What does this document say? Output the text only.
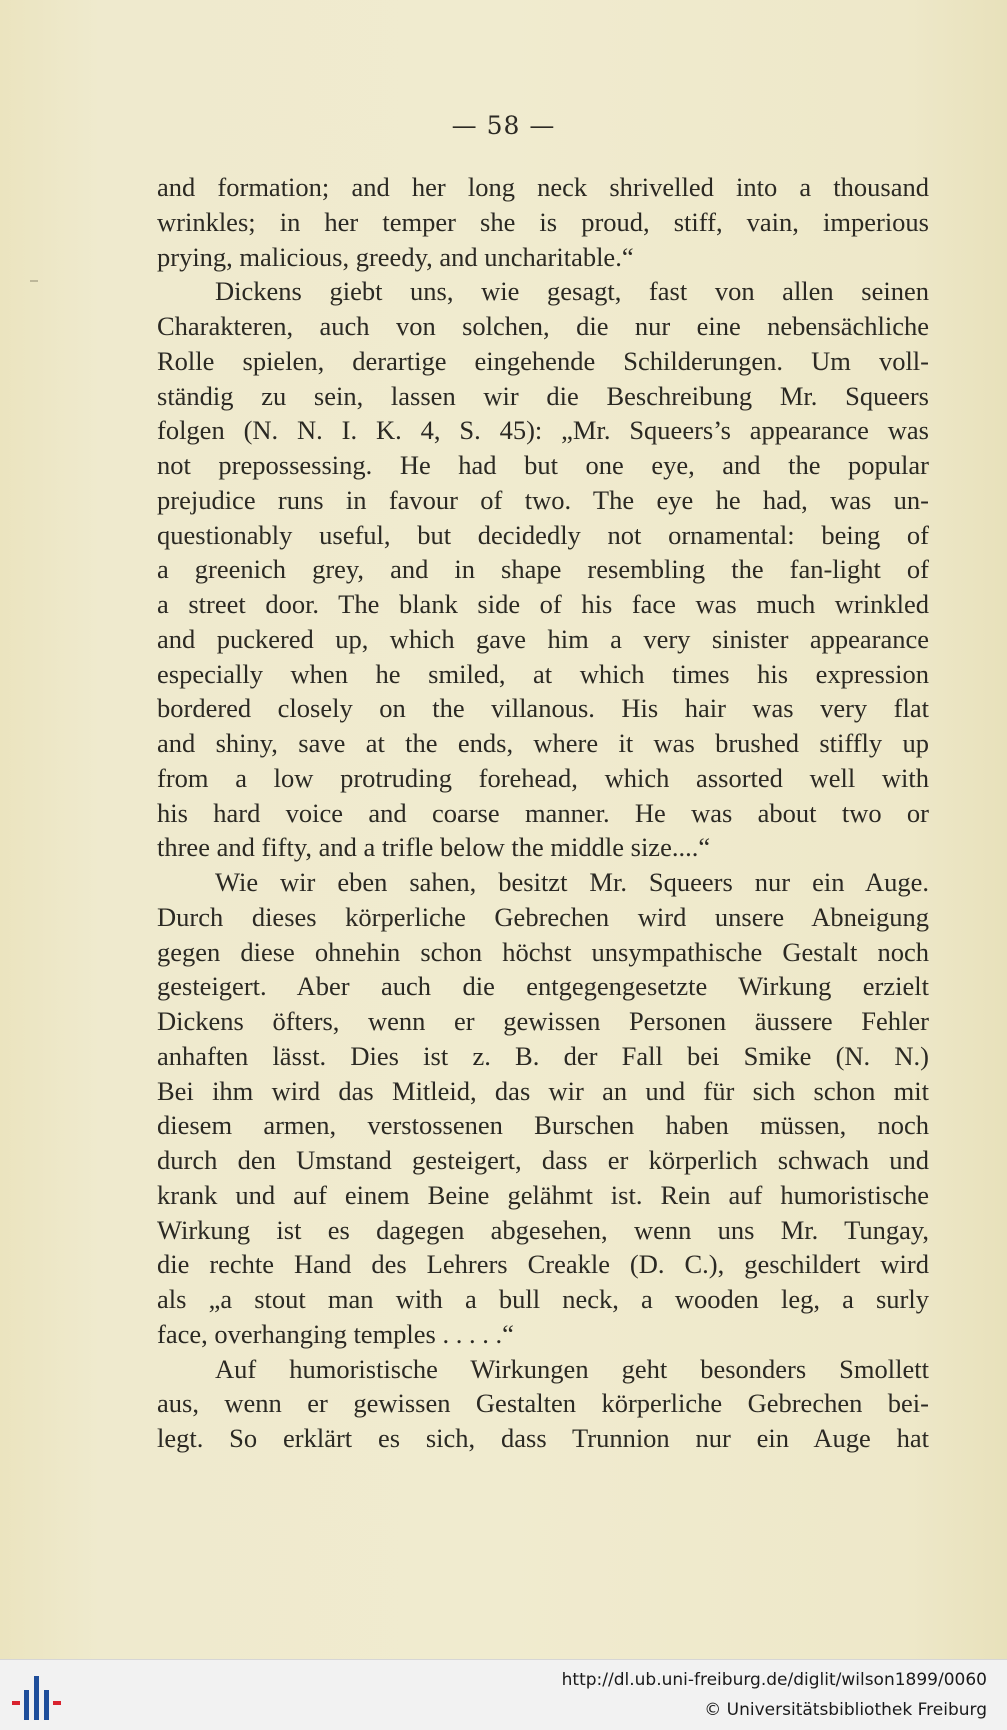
— 58 —
and formation; and her long neck shrivelled into a thousand
wrinkles; in her temper she is proud, stiff, vain, imperious
prying, malicious, greedy, and uncharitable.“
Dickens giebt uns, wie gesagt, fast von allen seinen
Charakteren, auch von solchen, die nur eine nebensächliche
Rolle spielen, derartige eingehende Schilderungen. Um voll-
ständig zu sein, lassen wir die Beschreibung Mr. Squeers
folgen (N. N. I. K. 4, S. 45): „Mr. Squeers’s appearance was
not prepossessing. He had but one eye, and the popular
prejudice runs in favour of two. The eye he had, was un-
questionably useful, but decidedly not ornamental: being of
a greenich grey, and in shape resembling the fan-light of
a street door. The blank side of his face was much wrinkled
and puckered up, which gave him a very sinister appearance
especially when he smiled, at which times his expression
bordered closely on the villanous. His hair was very flat
and shiny, save at the ends, where it was brushed stiffly up
from a low protruding forehead, which assorted well with
his hard voice and coarse manner. He was about two or
three and fifty, and a trifle below the middle size....“
Wie wir eben sahen, besitzt Mr. Squeers nur ein Auge.
Durch dieses körperliche Gebrechen wird unsere Abneigung
gegen diese ohnehin schon höchst unsympathische Gestalt noch
gesteigert. Aber auch die entgegengesetzte Wirkung erzielt
Dickens öfters, wenn er gewissen Personen äussere Fehler
anhaften lässt. Dies ist z. B. der Fall bei Smike (N. N.)
Bei ihm wird das Mitleid, das wir an und für sich schon mit
diesem armen, verstossenen Burschen haben müssen, noch
durch den Umstand gesteigert, dass er körperlich schwach und
krank und auf einem Beine gelähmt ist. Rein auf humoristische
Wirkung ist es dagegen abgesehen, wenn uns Mr. Tungay,
die rechte Hand des Lehrers Creakle (D. C.), geschildert wird
als „a stout man with a bull neck, a wooden leg, a surly
face, overhanging temples . . . . .“
Auf humoristische Wirkungen geht besonders Smollett
aus, wenn er gewissen Gestalten körperliche Gebrechen bei-
legt. So erklärt es sich, dass Trunnion nur ein Auge hat
http://dl.ub.uni-freiburg.de/diglit/wilson1899/0060
© Universitätsbibliothek Freiburg
